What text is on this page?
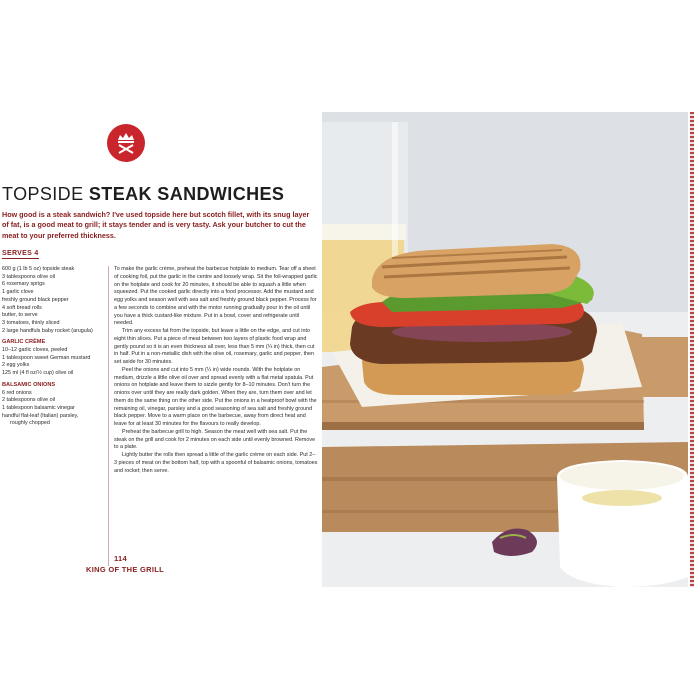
TOPSIDE STEAK SANDWICHES
How good is a steak sandwich? I've used topside here but scotch fillet, with its snug layer of fat, is a good meat to grill; it stays tender and is very tasty. Ask your butcher to cut the meat to your preferred thickness.
SERVES 4
600 g (1 lb 5 oz) topside steak
3 tablespoons olive oil
6 rosemary sprigs
1 garlic clove
freshly ground black pepper
4 soft bread rolls
butter, to serve
3 tomatoes, thinly sliced
2 large handfuls baby rocket (arugula)
GARLIC CRÈME
10–12 garlic cloves, peeled
1 tablespoon sweet German mustard
2 egg yolks
125 ml (4 fl oz/½ cup) olive oil
BALSAMIC ONIONS
6 red onions
2 tablespoons olive oil
1 tablespoon balsamic vinegar
handful flat-leaf (Italian) parsley,
roughly chopped

To make the garlic crème, preheat the barbecue hotplate to medium. Tear off a sheet of cooking foil, put the garlic in the centre and loosely wrap. Sit the foil-wrapped garlic on the hotplate and cook for 20 minutes, it should be able to squash a little when squeezed. Put the cooked garlic directly into a food processor. Add the mustard and egg yolks and season well with sea salt and freshly ground black pepper. Process for a few seconds to combine and with the motor running gradually pour in the oil until you have a thick custard-like mixture. Put in a bowl, cover and refrigerate until needed.

Trim any excess fat from the topside, but leave a little on the edge, and cut into eight thin slices. Put a piece of meat between two layers of plastic food wrap and gently pound so it is an even thickness all over, less than 5 mm (¼ in) thick, then cut in half. Put in a non-metallic dish with the olive oil, rosemary, garlic and pepper, then set aside for 30 minutes.

Peel the onions and cut into 5 mm (¼ in) wide rounds. With the hotplate on medium, drizzle a little olive oil over and spread evenly with a flat metal spatula. Put onions on hotplate and leave them to sizzle gently for 8–10 minutes. Don't turn the onions over until they are really dark golden. When they are, turn them over and let them do the same thing on the other side. Put the onions in a heatproof bowl with the remaining oil, vinegar, parsley and a good seasoning of sea salt and freshly ground black pepper. Move to a warm place on the barbecue, away from direct heat and leave for at least 30 minutes for the flavours to really develop.

Preheat the barbecue grill to high. Season the meat well with sea salt. Put the steak on the grill and cook for 2 minutes on each side until evenly browned. Remove to a plate.

Lightly butter the rolls then spread a little of the garlic crème on each side. Put 2–3 pieces of meat on the bottom half, top with a spoonful of balsamic onions, tomatoes and rocket; then serve.

114
KING OF THE GRILL
